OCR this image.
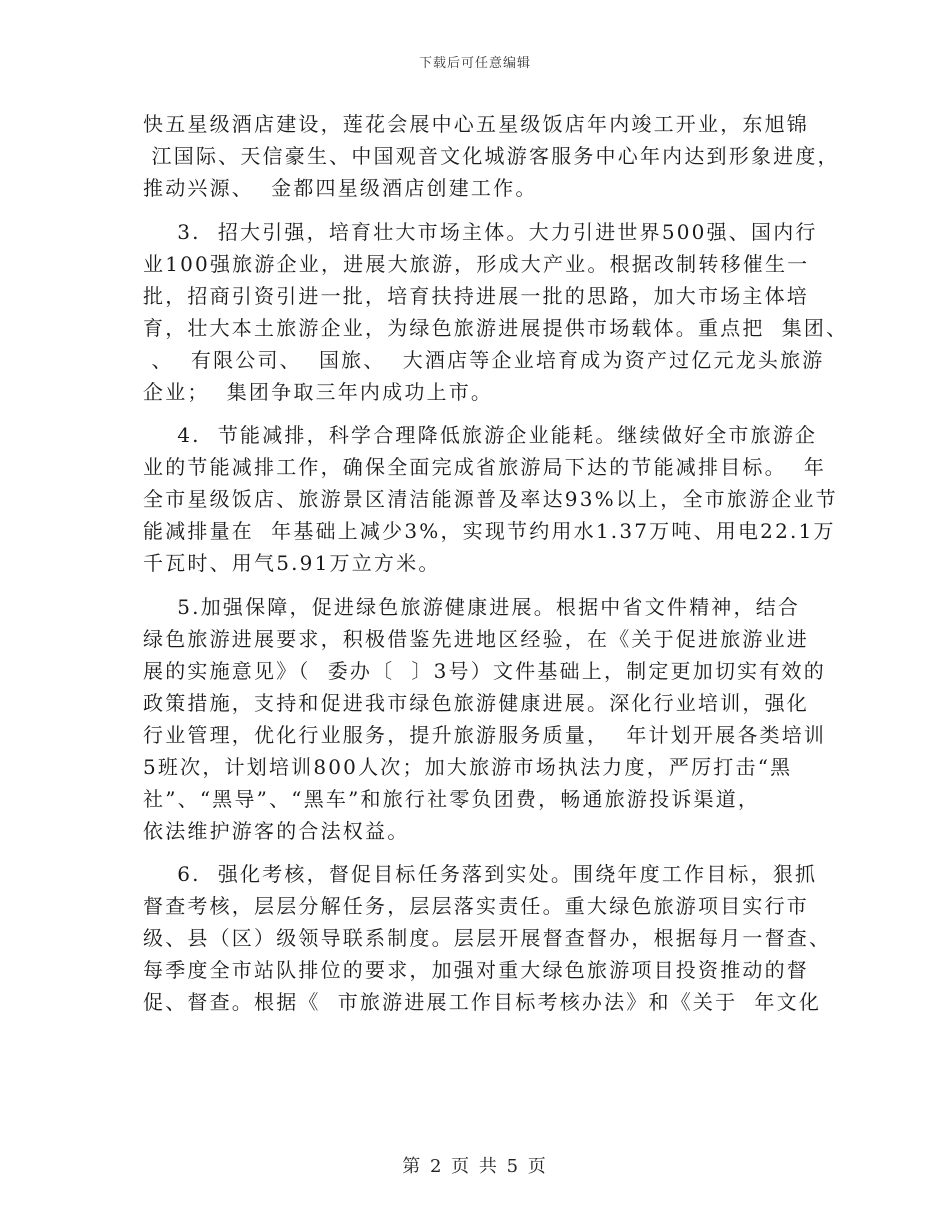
下载后可任意编辑
快五星级酒店建设，莲花会展中心五星级饭店年内竣工开业，东旭锦
江国际、天信豪生、中国观音文化城游客服务中心年内达到形象进度，
推动兴源、  金都四星级酒店创建工作。
3.  招大引强，培育壮大市场主体。大力引进世界500强、国内行
业100强旅游企业，进展大旅游，形成大产业。根据改制转移催生一
批，招商引资引进一批，培育扶持进展一批的思路，加大市场主体培
育，壮大本土旅游企业，为绿色旅游进展提供市场载体。重点把  集团、
、  有限公司、  国旅、  大酒店等企业培育成为资产过亿元龙头旅游
企业；  集团争取三年内成功上市。
4.  节能减排，科学合理降低旅游企业能耗。继续做好全市旅游企
业的节能减排工作，确保全面完成省旅游局下达的节能减排目标。  年
全市星级饭店、旅游景区清洁能源普及率达93%以上，全市旅游企业节
能减排量在  年基础上减少3%，实现节约用水1.37万吨、用电22.1万
千瓦时、用气5.91万立方米。
5.加强保障，促进绿色旅游健康进展。根据中省文件精神，结合
绿色旅游进展要求，积极借鉴先进地区经验，在《关于促进旅游业进
展的实施意见》（  委办〔  〕3号）文件基础上，制定更加切实有效的
政策措施，支持和促进我市绿色旅游健康进展。深化行业培训，强化
行业管理，优化行业服务，提升旅游服务质量，  年计划开展各类培训
5班次，计划培训800人次；加大旅游市场执法力度，严厉打击“黑
社”、“黑导”、“黑车”和旅行社零负团费，畅通旅游投诉渠道，
依法维护游客的合法权益。
6.  强化考核，督促目标任务落到实处。围绕年度工作目标，狠抓
督查考核，层层分解任务，层层落实责任。重大绿色旅游项目实行市
级、县（区）级领导联系制度。层层开展督查督办，根据每月一督查、
每季度全市站队排位的要求，加强对重大绿色旅游项目投资推动的督
促、督查。根据《  市旅游进展工作目标考核办法》和《关于  年文化
第 2 页 共 5 页
